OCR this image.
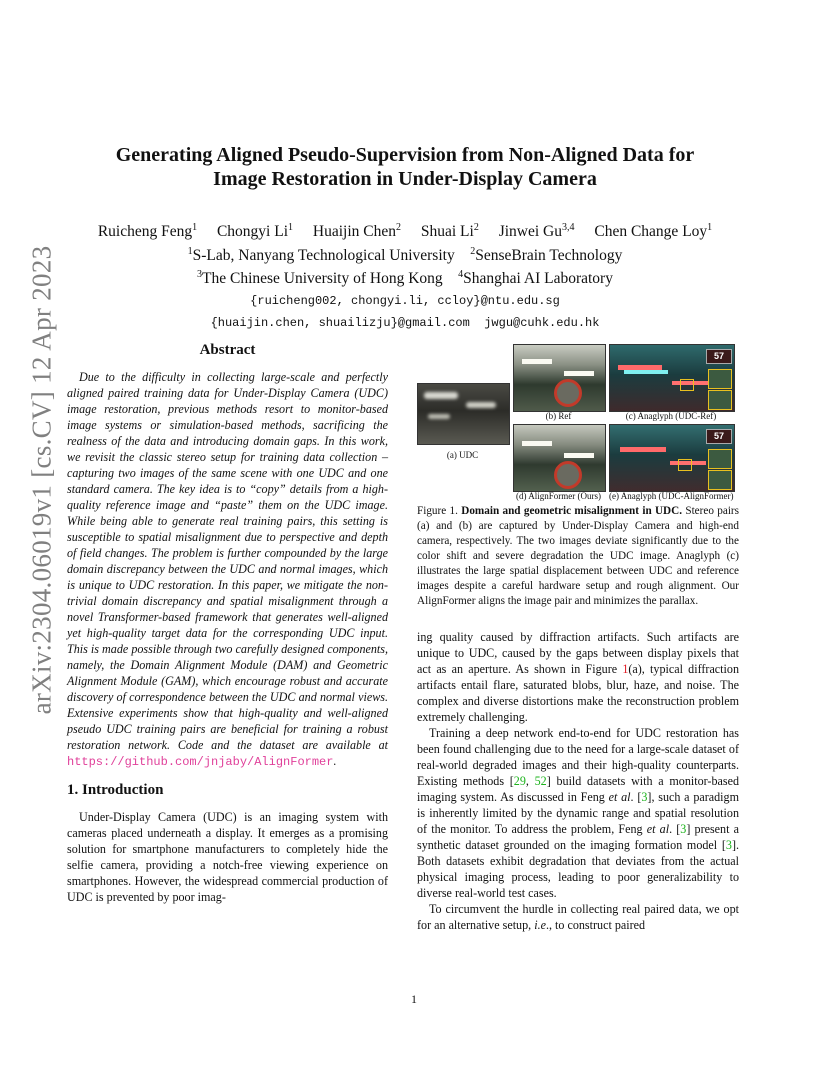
arXiv:2304.06019v1 [cs.CV] 12 Apr 2023
Generating Aligned Pseudo-Supervision from Non-Aligned Data for
Image Restoration in Under-Display Camera
Ruicheng Feng$^1$ Chongyi Li$^1$ Huaijin Chen$^2$ Shuai Li$^2$ Jinwei Gu$^{3,4}$ Chen Change Loy$^1$
$^1$S-Lab, Nanyang Technological University $^2$SenseBrain Technology
$^3$The Chinese University of Hong Kong $^4$Shanghai AI Laboratory
{ruicheng002, chongyi.li, ccloy}@ntu.edu.sg
{huaijin.chen, shuailizju}@gmail.com jwgu@cuhk.edu.hk
Abstract

Due to the difficulty in collecting large-scale and perfectly aligned paired training data for Under-Display Camera (UDC) image restoration, previous methods resort to monitor-based image systems or simulation-based methods, sacrificing the realness of the data and introducing domain gaps. In this work, we revisit the classic stereo setup for training data collection – capturing two images of the same scene with one UDC and one standard camera. The key idea is to “copy” details from a high-quality reference image and “paste” them on the UDC image. While being able to generate real training pairs, this setting is susceptible to spatial misalignment due to perspective and depth of field changes. The problem is further compounded by the large domain discrepancy between the UDC and normal images, which is unique to UDC restoration. In this paper, we mitigate the non-trivial domain discrepancy and spatial misalignment through a novel Transformer-based framework that generates well-aligned yet high-quality target data for the corresponding UDC input. This is made possible through two carefully designed components, namely, the Domain Alignment Module (DAM) and Geometric Alignment Module (GAM), which encourage robust and accurate discovery of correspondence between the UDC and normal views. Extensive experiments show that high-quality and well-aligned pseudo UDC training pairs are beneficial for training a robust restoration network. Code and the dataset are available at https://github.com/jnjaby/AlignFormer.

1. Introduction

Under-Display Camera (UDC) is an imaging system with cameras placed underneath a display. It emerges as a promising solution for smartphone manufacturers to completely hide the selfie camera, providing a notch-free viewing experience on smartphones. However, the widespread commercial production of UDC is prevented by poor imag-

(a) UDC
(b) Ref
57
(c) Anaglyph (UDC-Ref)
(d) AlignFormer (Ours)
57
(e) Anaglyph (UDC-AlignFormer)

Figure 1. Domain and geometric misalignment in UDC. Stereo pairs (a) and (b) are captured by Under-Display Camera and high-end camera, respectively. The two images deviate significantly due to the color shift and severe degradation the UDC image. Anaglyph (c) illustrates the large spatial displacement between UDC and reference images despite a careful hardware setup and rough alignment. Our AlignFormer aligns the image pair and minimizes the parallax.

ing quality caused by diffraction artifacts. Such artifacts are unique to UDC, caused by the gaps between display pixels that act as an aperture. As shown in Figure 1(a), typical diffraction artifacts entail flare, saturated blobs, blur, haze, and noise. The complex and diverse distortions make the reconstruction problem extremely challenging.

Training a deep network end-to-end for UDC restoration has been found challenging due to the need for a large-scale dataset of real-world degraded images and their high-quality counterparts. Existing methods [29, 52] build datasets with a monitor-based imaging system. As discussed in Feng et al. [3], such a paradigm is inherently limited by the dynamic range and spatial resolution of the monitor. To address the problem, Feng et al. [3] present a synthetic dataset grounded on the imaging formation model [3]. Both datasets exhibit degradation that deviates from the actual physical imaging process, leading to poor generalizability to diverse real-world test cases.

To circumvent the hurdle in collecting real paired data, we opt for an alternative setup, i.e., to construct paired

1
